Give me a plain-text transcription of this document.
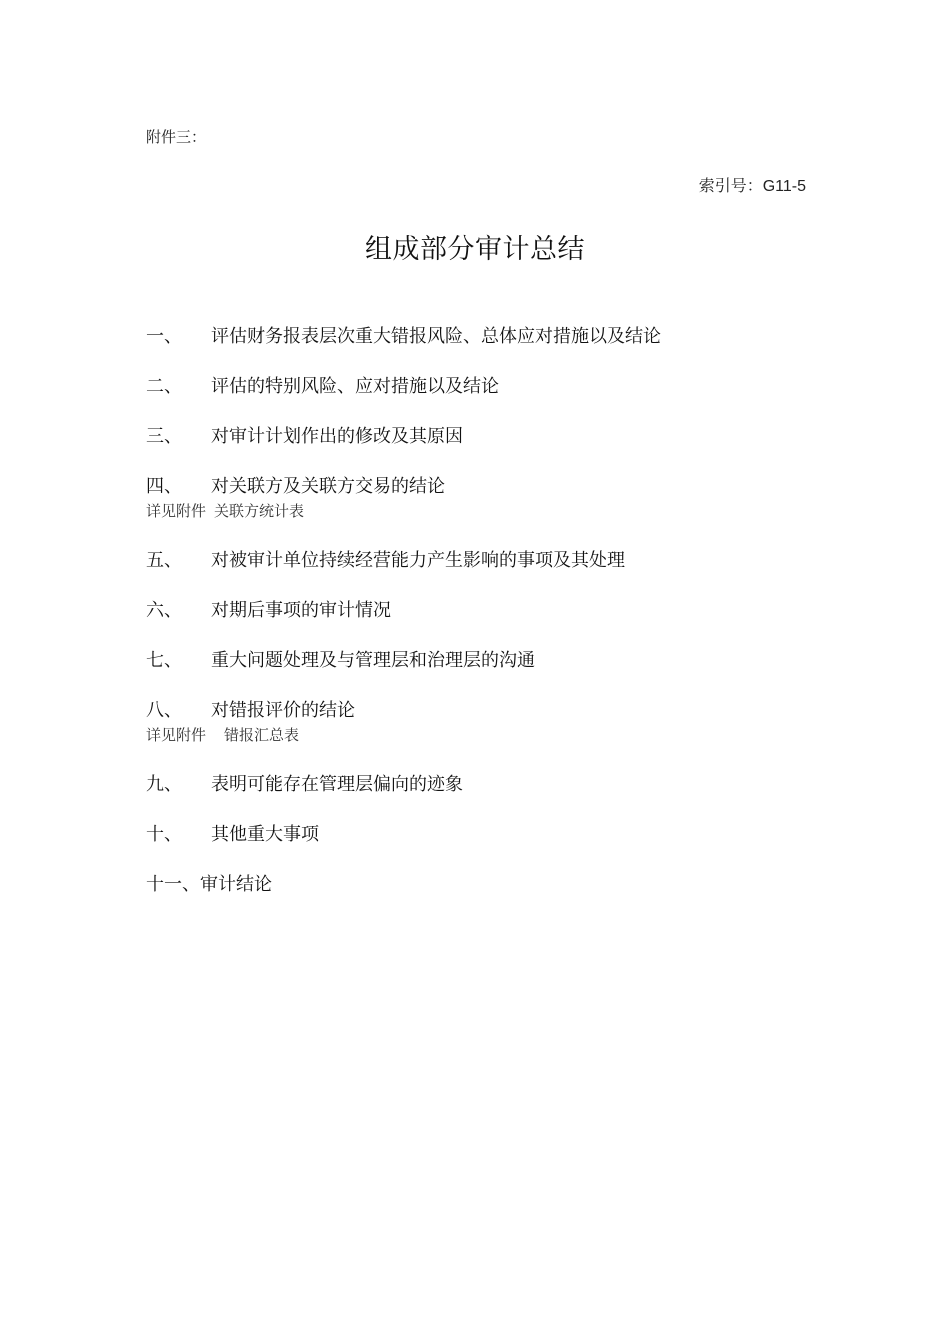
附件三：
索引号：G11-5
组成部分审计总结
一、 评估财务报表层次重大错报风险、总体应对措施以及结论
二、 评估的特别风险、应对措施以及结论
三、 对审计计划作出的修改及其原因
四、 对关联方及关联方交易的结论
详见附件 关联方统计表
五、 对被审计单位持续经营能力产生影响的事项及其处理
六、 对期后事项的审计情况
七、 重大问题处理及与管理层和治理层的沟通
八、 对错报评价的结论
详见附件 错报汇总表
九、 表明可能存在管理层偏向的迹象
十、 其他重大事项
十一、审计结论
